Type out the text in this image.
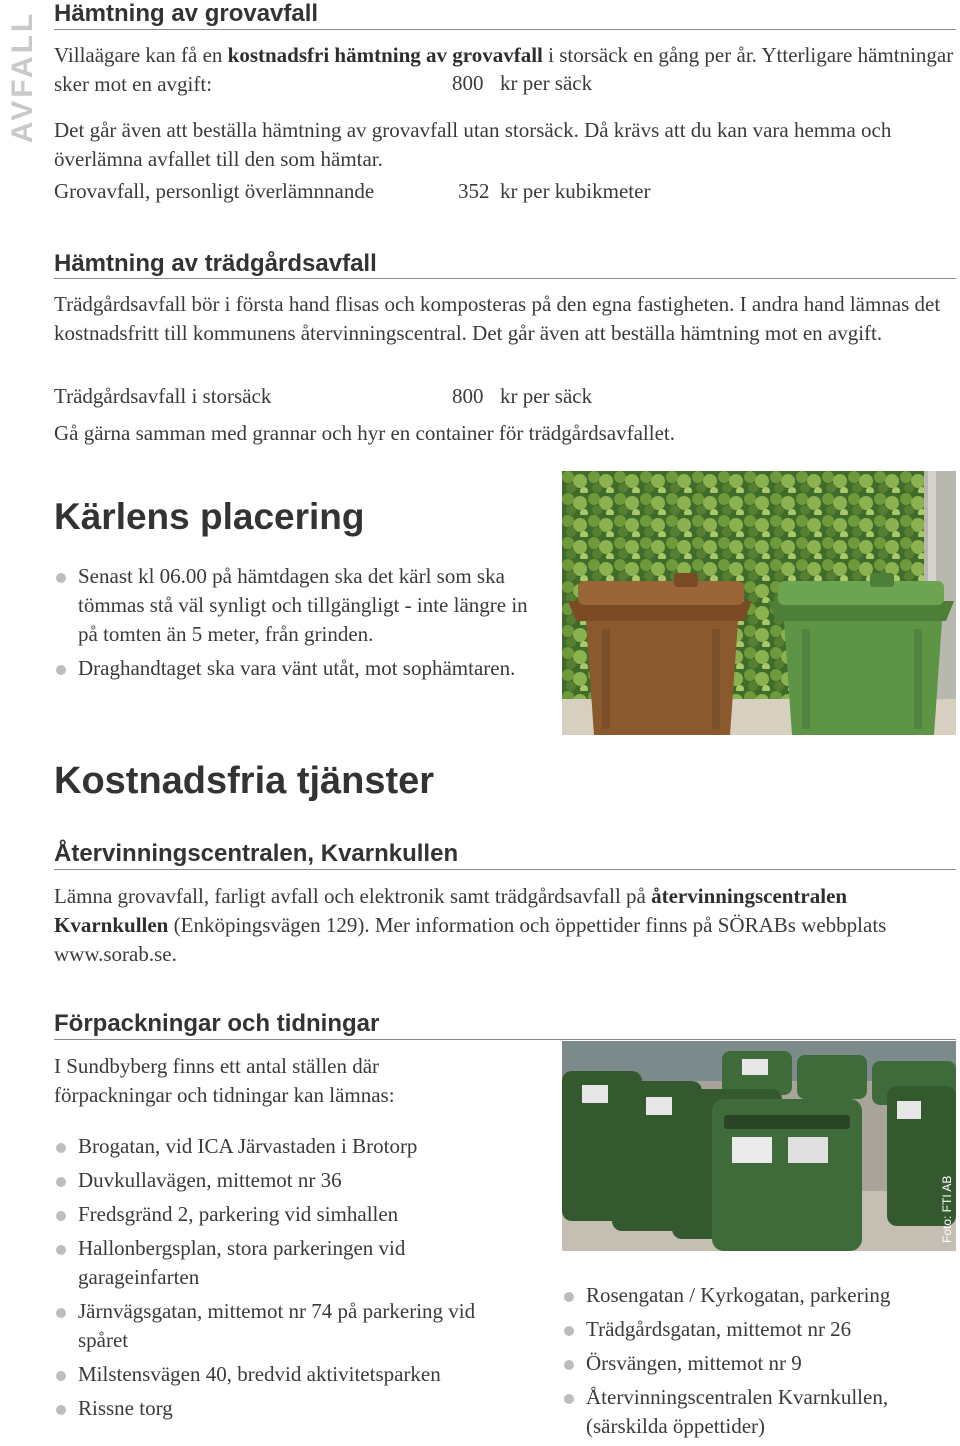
AVFALL Hämtning av grovavfall

Villaägare kan få en kostnadsfri hämtning av grovavfall i storsäck en gång per år. Ytterligare hämtningar sker mot en avgift:	800 kr per säck

Det går även att beställa hämtning av grovavfall utan storsäck. Då krävs att du kan vara hemma och överlämna avfallet till den som hämtar.

Grovavfall, personligt överlämnnande	352 kr per kubikmeter
Hämtning av trädgårdsavfall

Trädgårdsavfall bör i första hand flisas och komposteras på den egna fastigheten. I andra hand lämnas det kostnadsfritt till kommunens återvinningscentral. Det går även att beställa hämtning mot en avgift.

Trädgårdsavfall i storsäck	800 kr per säck

Gå gärna samman med grannar och hyr en container för trädgårdsavfallet.

Kärlens placering
Senast kl 06.00 på hämtdagen ska det kärl som ska tömmas stå väl synligt och tillgängligt - inte längre in på tomten än 5 meter, från grinden.
Draghandtaget ska vara vänt utåt, mot sophämtaren.
Kostnadsfria tjänster
Återvinningscentralen, Kvarnkullen

Lämna grovavfall, farligt avfall och elektronik samt trädgårdsavfall på återvinningscentralen Kvarnkullen (Enköpingsvägen 129). Mer information och öppettider finns på SÖRABs webbplats www.sorab.se.

Förpackningar och tidningar

I Sundbyberg finns ett antal ställen där förpackningar och tidningar kan lämnas:

Brogatan, vid ICA Järvastaden i Brotorp
Duvkullavägen, mittemot nr 36
Fredsgränd 2, parkering vid simhallen
Hallonbergsplan, stora parkeringen vid garageinfarten
Järnvägsgatan, mittemot nr 74 på parkering vid spåret
Milstensvägen 40, bredvid aktivitetsparken
Rissne torg
Foto: FTI AB
Rosengatan / Kyrkogatan, parkering
Trädgårdsgatan, mittemot nr 26
Örsvängen, mittemot nr 9
Återvinningscentralen Kvarnkullen, (särskilda öppettider)
